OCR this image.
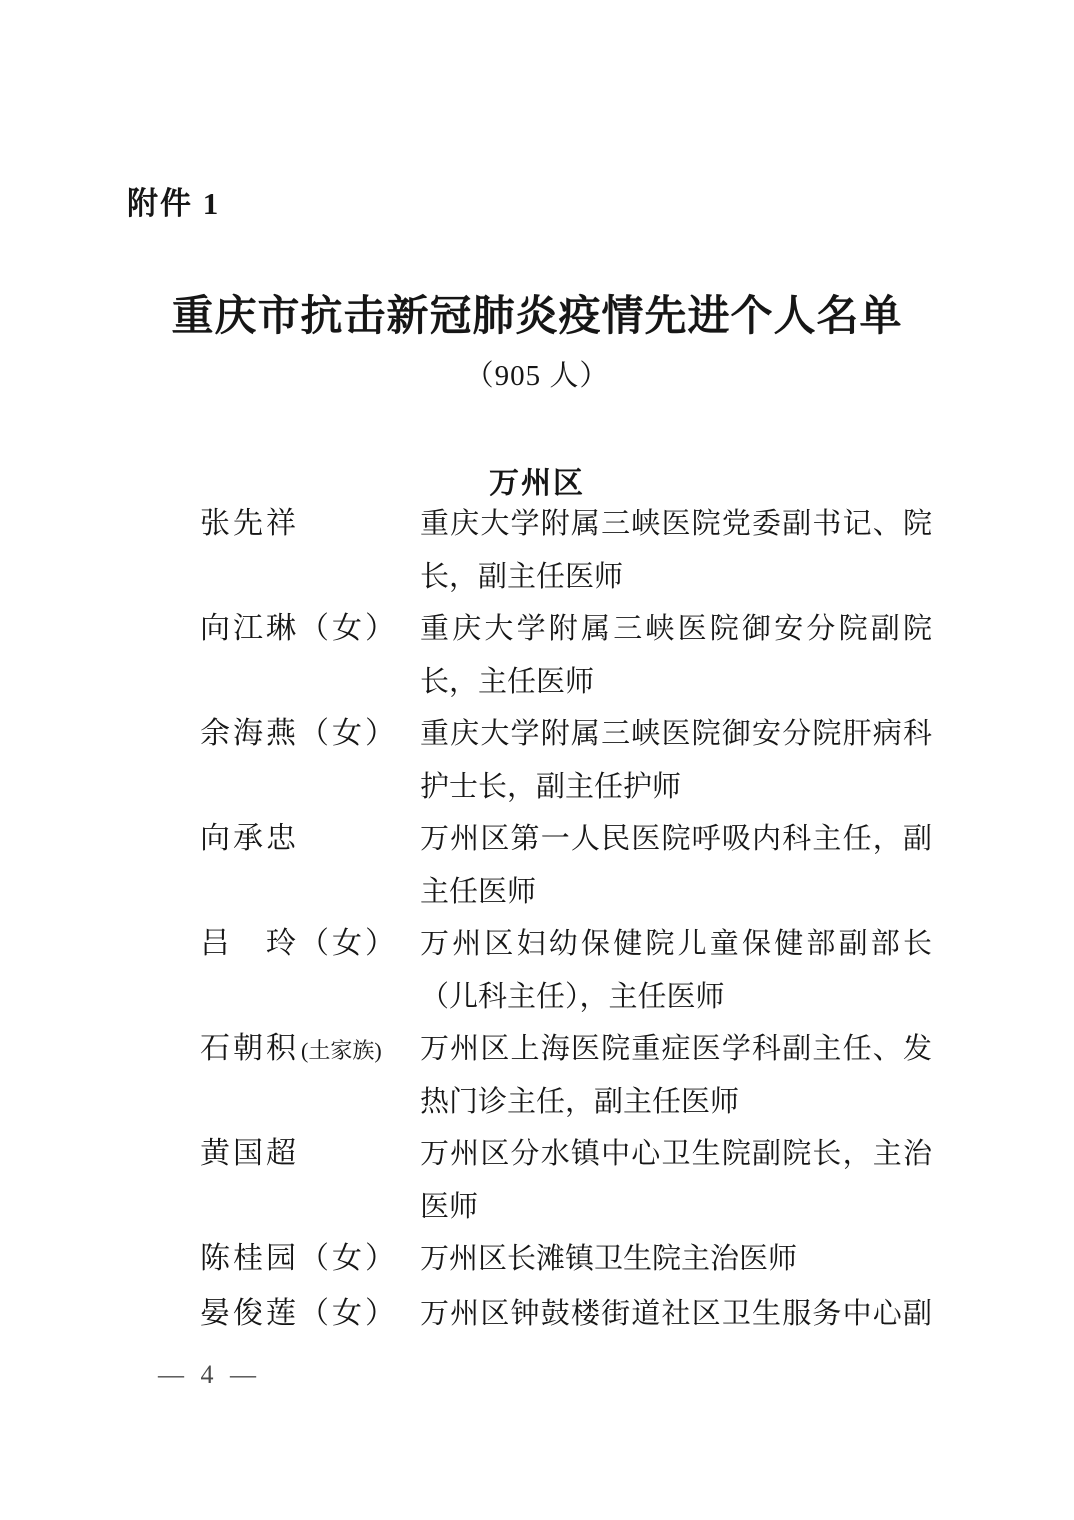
附件 1
重庆市抗击新冠肺炎疫情先进个人名单
（905 人）
万州区
张先祥	重庆大学附属三峡医院党委副书记、院长，副主任医师
向江琳（女） 重庆大学附属三峡医院御安分院副院长，主任医师
余海燕（女） 重庆大学附属三峡医院御安分院肝病科护士长，副主任护师
向承忠	万州区第一人民医院呼吸内科主任，副主任医师
吕　玲（女） 万州区妇幼保健院儿童保健部副部长（儿科主任），主任医师
石朝积(土家族)	万州区上海医院重症医学科副主任、发热门诊主任，副主任医师
黄国超	万州区分水镇中心卫生院副院长，主治医师
陈桂园（女） 万州区长滩镇卫生院主治医师
晏俊莲（女） 万州区钟鼓楼街道社区卫生服务中心副
— 4 —
